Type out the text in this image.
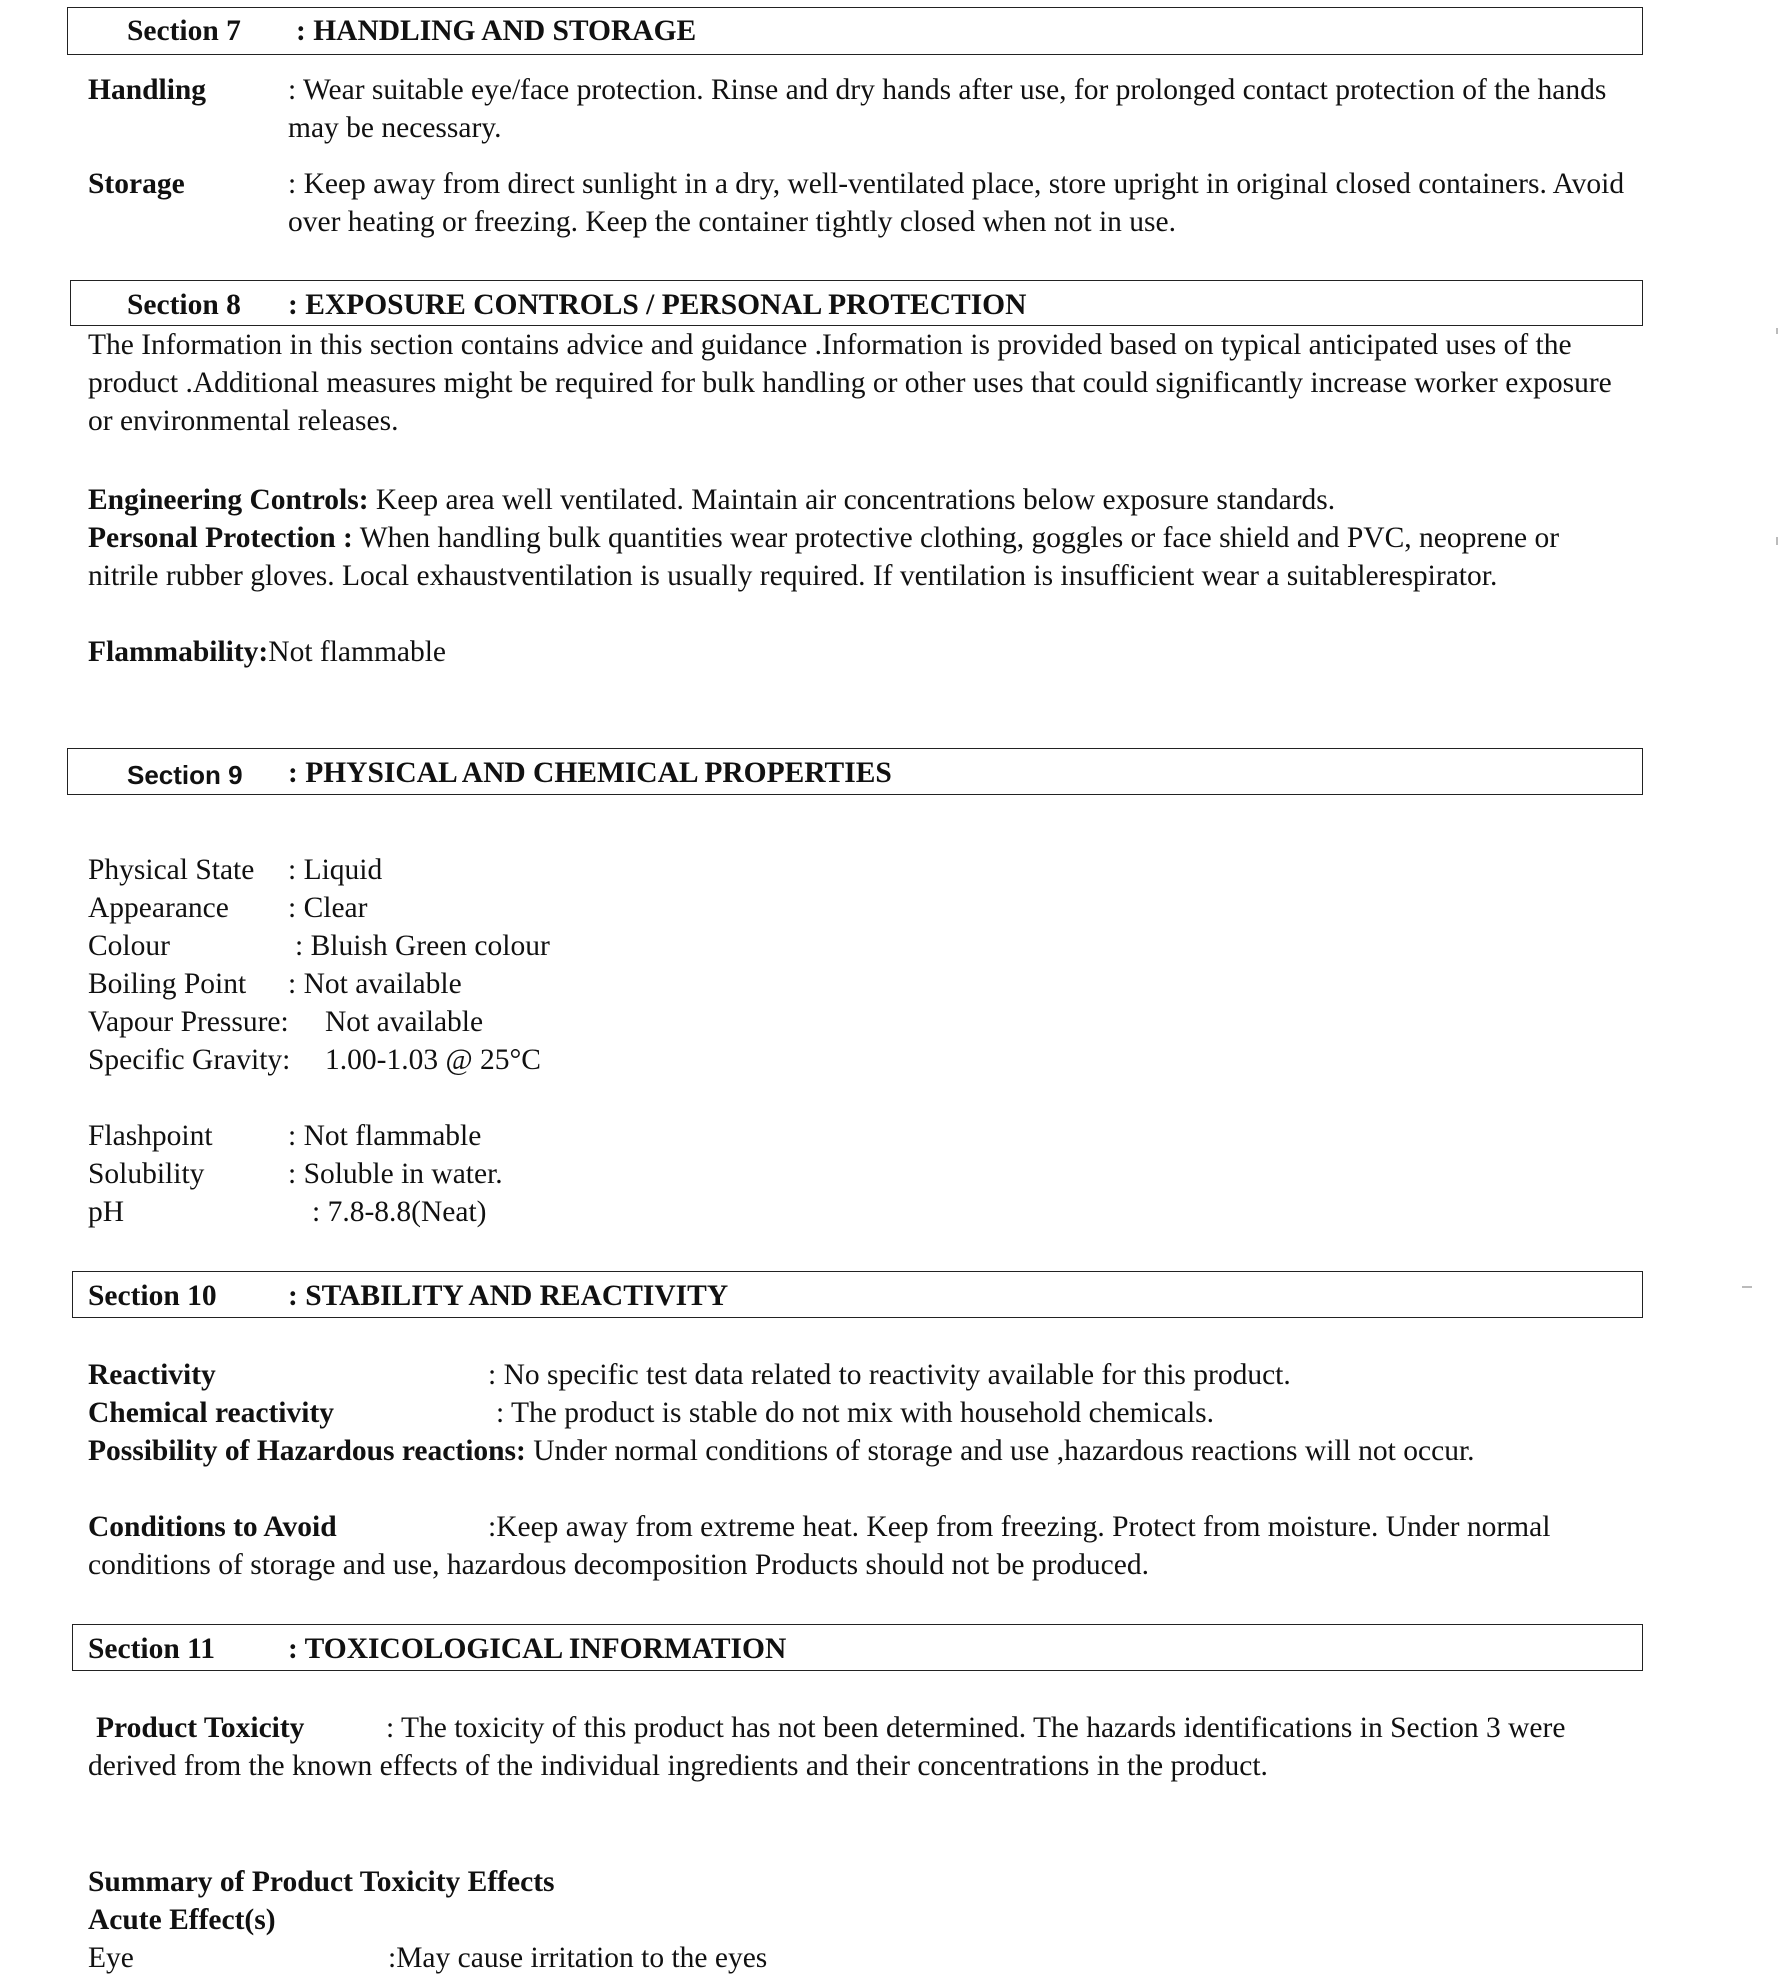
Section 7 : HANDLING AND STORAGE
Handling	: Wear suitable eye/face protection. Rinse and dry hands after use, for prolonged contact protection of the hands may be necessary.
Storage	: Keep away from direct sunlight in a dry, well-ventilated place, store upright in original closed containers. Avoid over heating or freezing. Keep the container tightly closed when not in use.
Section 8 : EXPOSURE CONTROLS / PERSONAL PROTECTION
The Information in this section contains advice and guidance .Information is provided based on typical anticipated uses of the product .Additional measures might be required for bulk handling or other uses that could significantly increase worker exposure or environmental releases.
Engineering Controls: Keep area well ventilated. Maintain air concentrations below exposure standards.
Personal Protection : When handling bulk quantities wear protective clothing, goggles or face shield and PVC, neoprene or nitrile rubber gloves. Local exhaustventilation is usually required. If ventilation is insufficient wear a suitablerespirator.
Flammability:Not flammable
Section 9 : PHYSICAL AND CHEMICAL PROPERTIES
Physical State : Liquid
Appearance : Clear
Colour	: Bluish Green colour
Boiling Point : Not available
Vapour Pressure: Not available
Specific Gravity: 1.00-1.03 @ 25°C
Flashpoint	: Not flammable
Solubility	: Soluble in water.
pH	: 7.8-8.8(Neat)
Section 10 : STABILITY AND REACTIVITY
Reactivity	: No specific test data related to reactivity available for this product.
Chemical reactivity	: The product is stable do not mix with household chemicals.
Possibility of Hazardous reactions: Under normal conditions of storage and use ,hazardous reactions will not occur.
Conditions to Avoid	:Keep away from extreme heat. Keep from freezing. Protect from moisture. Under normal conditions of storage and use, hazardous decomposition Products should not be produced.
Section 11 : TOXICOLOGICAL INFORMATION
Product Toxicity	: The toxicity of this product has not been determined. The hazards identifications in Section 3 were derived from the known effects of the individual ingredients and their concentrations in the product.
Summary of Product Toxicity Effects
Acute Effect(s)
Eye	:May cause irritation to the eyes
